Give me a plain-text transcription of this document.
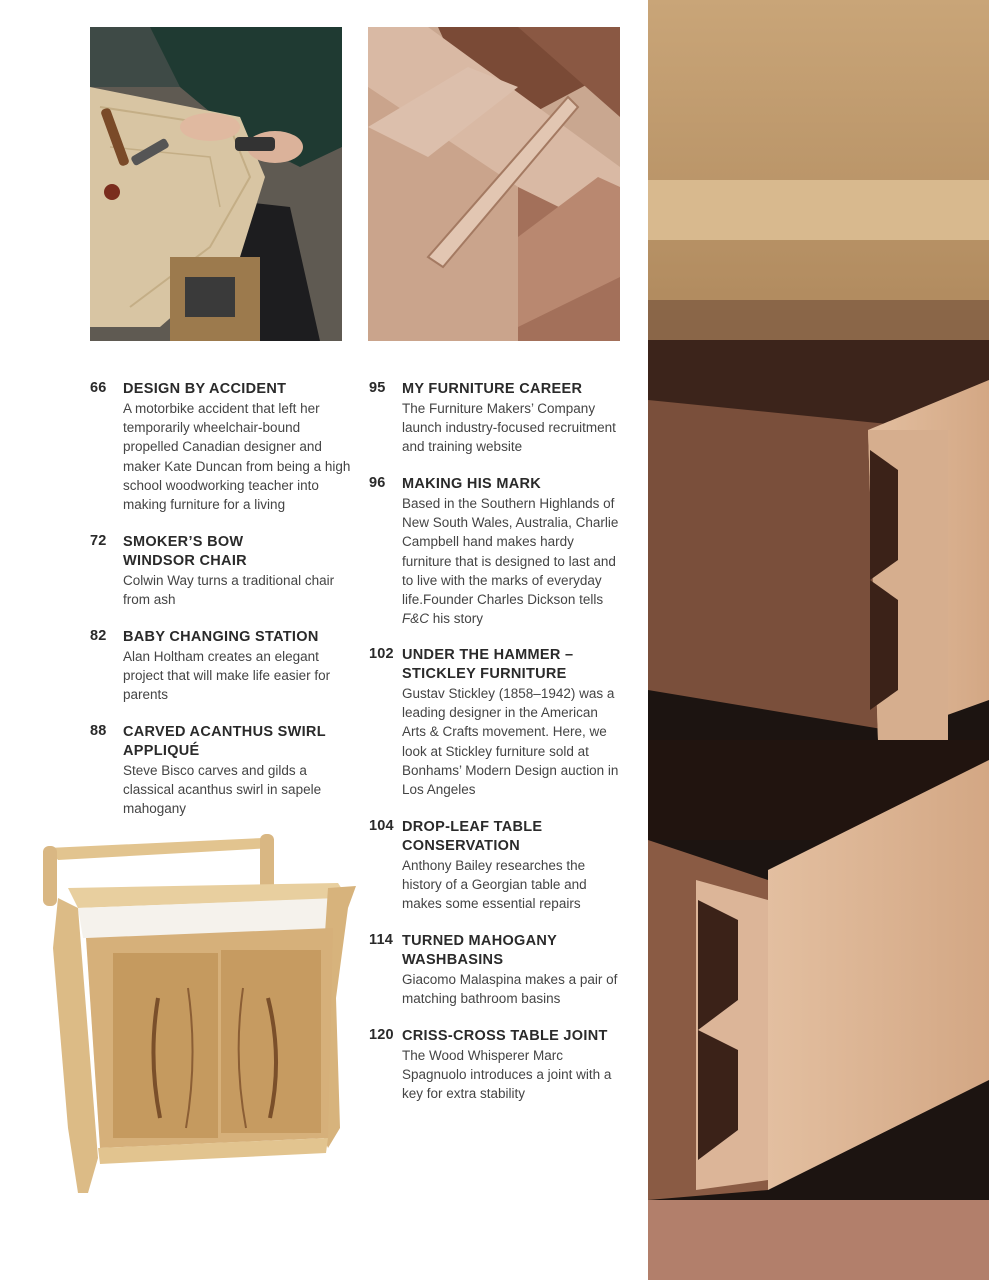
66 DESIGN BY ACCIDENT
A motorbike accident that left her temporarily wheelchair-bound propelled Canadian designer and maker Kate Duncan from being a high school woodworking teacher into making furniture for a living
72 SMOKER’S BOW WINDSOR CHAIR
Colwin Way turns a traditional chair from ash
82 BABY CHANGING STATION
Alan Holtham creates an elegant project that will make life easier for parents
88 CARVED ACANTHUS SWIRL APPLIQUÉ
Steve Bisco carves and gilds a classical acanthus swirl in sapele mahogany
95 MY FURNITURE CAREER
The Furniture Makers’ Company launch industry-focused recruitment and training website
96 MAKING HIS MARK
Based in the Southern Highlands of New South Wales, Australia, Charlie Campbell hand makes hardy furniture that is designed to last and to live with the marks of everyday life.Founder Charles Dickson tells F&C his story
102 UNDER THE HAMMER – STICKLEY FURNITURE
Gustav Stickley (1858–1942) was a leading designer in the American Arts & Crafts movement. Here, we look at Stickley furniture sold at Bonhams’ Modern Design auction in Los Angeles
104 DROP-LEAF TABLE CONSERVATION
Anthony Bailey researches the history of a Georgian table and makes some essential repairs
114 TURNED MAHOGANY WASHBASINS
Giacomo Malaspina makes a pair of matching bathroom basins
120 CRISS-CROSS TABLE JOINT
The Wood Whisperer Marc Spagnuolo introduces a joint with a key for extra stability
